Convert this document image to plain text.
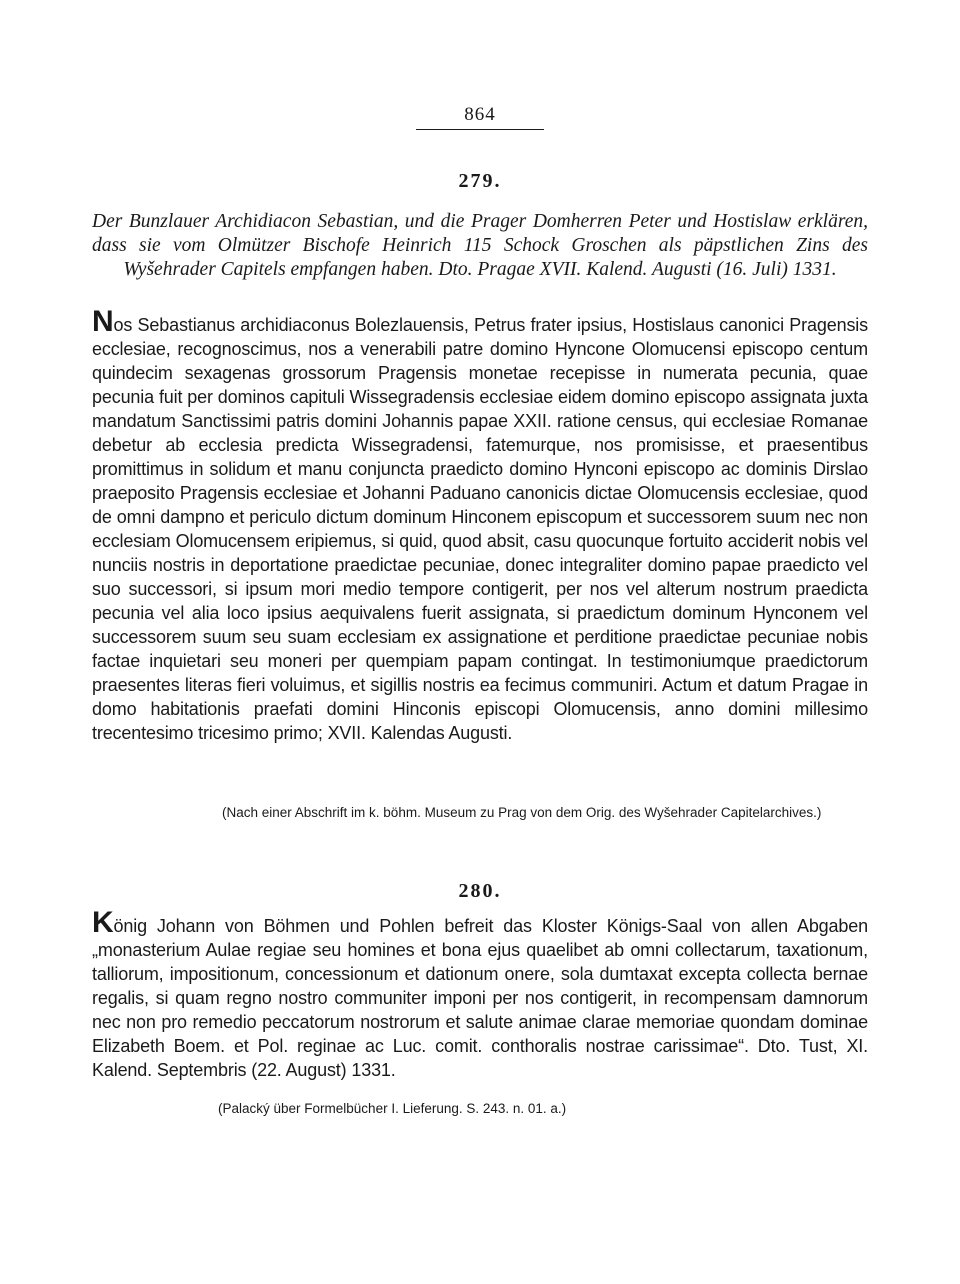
864
279.
Der Bunzlauer Archidiacon Sebastian, und die Prager Domherren Peter und Hostislaw erklären, dass sie vom Olmützer Bischofe Heinrich 115 Schock Groschen als päpstlichen Zins des Wyšehrader Capitels empfangen haben. Dto. Pragae XVII. Kalend. Augusti (16. Juli) 1331.
Nos Sebastianus archidiaconus Bolezlauensis, Petrus frater ipsius, Hostislaus canonici Pragensis ecclesiae, recognoscimus, nos a venerabili patre domino Hyncone Olomucensi episcopo centum quindecim sexagenas grossorum Pragensis monetae recepisse in numerata pecunia, quae pecunia fuit per dominos capituli Wissegradensis ecclesiae eidem domino episcopo assignata juxta mandatum Sanctissimi patris domini Johannis papae XXII. ratione census, qui ecclesiae Romanae debetur ab ecclesia predicta Wissegradensi, fatemurque, nos promisisse, et praesentibus promittimus in solidum et manu conjuncta praedicto domino Hynconi episcopo ac dominis Dirslao praeposito Pragensis ecclesiae et Johanni Paduano canonicis dictae Olomucensis ecclesiae, quod de omni dampno et periculo dictum dominum Hinconem episcopum et successorem suum nec non ecclesiam Olomucensem eripiemus, si quid, quod absit, casu quocunque fortuito acciderit nobis vel nunciis nostris in deportatione praedictae pecuniae, donec integraliter domino papae praedicto vel suo successori, si ipsum mori medio tempore contigerit, per nos vel alterum nostrum praedicta pecunia vel alia loco ipsius aequivalens fuerit assignata, si praedictum dominum Hynconem vel successorem suum seu suam ecclesiam ex assignatione et perditione praedictae pecuniae nobis factae inquietari seu moneri per quempiam papam contingat. In testimoniumque praedictorum praesentes literas fieri voluimus, et sigillis nostris ea fecimus communiri. Actum et datum Pragae in domo habitationis praefati domini Hinconis episcopi Olomucensis, anno domini millesimo trecentesimo tricesimo primo; XVII. Kalendas Augusti.
(Nach einer Abschrift im k. böhm. Museum zu Prag von dem Orig. des Wyšehrader Capitelarchives.)
280.
König Johann von Böhmen und Pohlen befreit das Kloster Königs-Saal von allen Abgaben „monasterium Aulae regiae seu homines et bona ejus quaelibet ab omni collectarum, taxationum, talliorum, impositionum, concessionum et dationum onere, sola dumtaxat excepta collecta bernae regalis, si quam regno nostro communiter imponi per nos contigerit, in recompensam damnorum nec non pro remedio peccatorum nostrorum et salute animae clarae memoriae quondam dominae Elizabeth Boem. et Pol. reginae ac Luc. comit. conthoralis nostrae carissimae“. Dto. Tust, XI. Kalend. Septembris (22. August) 1331.
(Palacký über Formelbücher I. Lieferung. S. 243. n. 01. a.)
